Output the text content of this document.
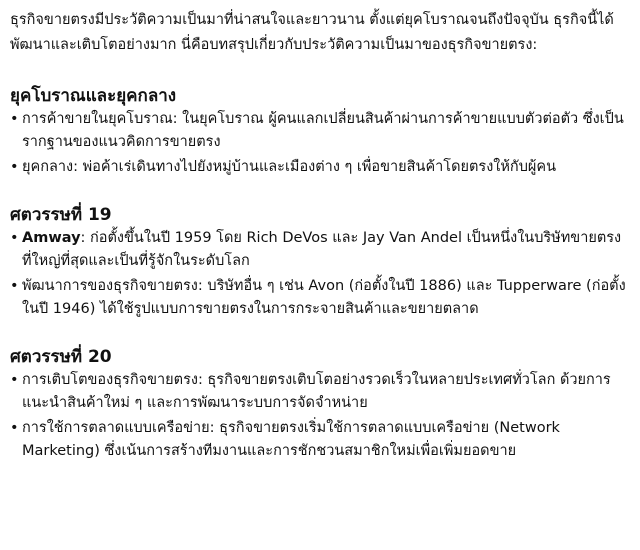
ธุรกิจขายตรงมีประวัติความเป็นมาที่น่าสนใจและยาวนาน ตั้งแต่ยุคโบราณจนถึงปัจจุบัน ธุรกิจนี้ได้พัฒนาและเติบโตอย่างมาก นี่คือบทสรุปเกี่ยวกับประวัติความเป็นมาของธุรกิจขายตรง:

ยุคโบราณและยุคกลาง
• การค้าขายในยุคโบราณ: ในยุคโบราณ ผู้คนแลกเปลี่ยนสินค้าผ่านการค้าขายแบบตัวต่อตัว ซึ่งเป็นรากฐานของแนวคิดการขายตรง
• ยุคกลาง: พ่อค้าเร่เดินทางไปยังหมู่บ้านและเมืองต่าง ๆ เพื่อขายสินค้าโดยตรงให้กับผู้คน
ศตวรรษที่ 19
• Amway: ก่อตั้งขึ้นในปี 1959 โดย Rich DeVos และ Jay Van Andel เป็นหนึ่งในบริษัทขายตรงที่ใหญ่ที่สุดและเป็นที่รู้จักในระดับโลก
• พัฒนาการของธุรกิจขายตรง: บริษัทอื่น ๆ เช่น Avon (ก่อตั้งในปี 1886) และ Tupperware (ก่อตั้งในปี 1946) ได้ใช้รูปแบบการขายตรงในการกระจายสินค้าและขยายตลาด
ศตวรรษที่ 20
• การเติบโตของธุรกิจขายตรง: ธุรกิจขายตรงเติบโตอย่างรวดเร็วในหลายประเทศทั่วโลก ด้วยการแนะนำสินค้าใหม่ ๆ และการพัฒนาระบบการจัดจำหน่าย
• การใช้การตลาดแบบเครือข่าย: ธุรกิจขายตรงเริ่มใช้การตลาดแบบเครือข่าย (Network Marketing) ซึ่งเน้นการสร้างทีมงานและการชักชวนสมาชิกใหม่เพื่อเพิ่มยอดขาย
